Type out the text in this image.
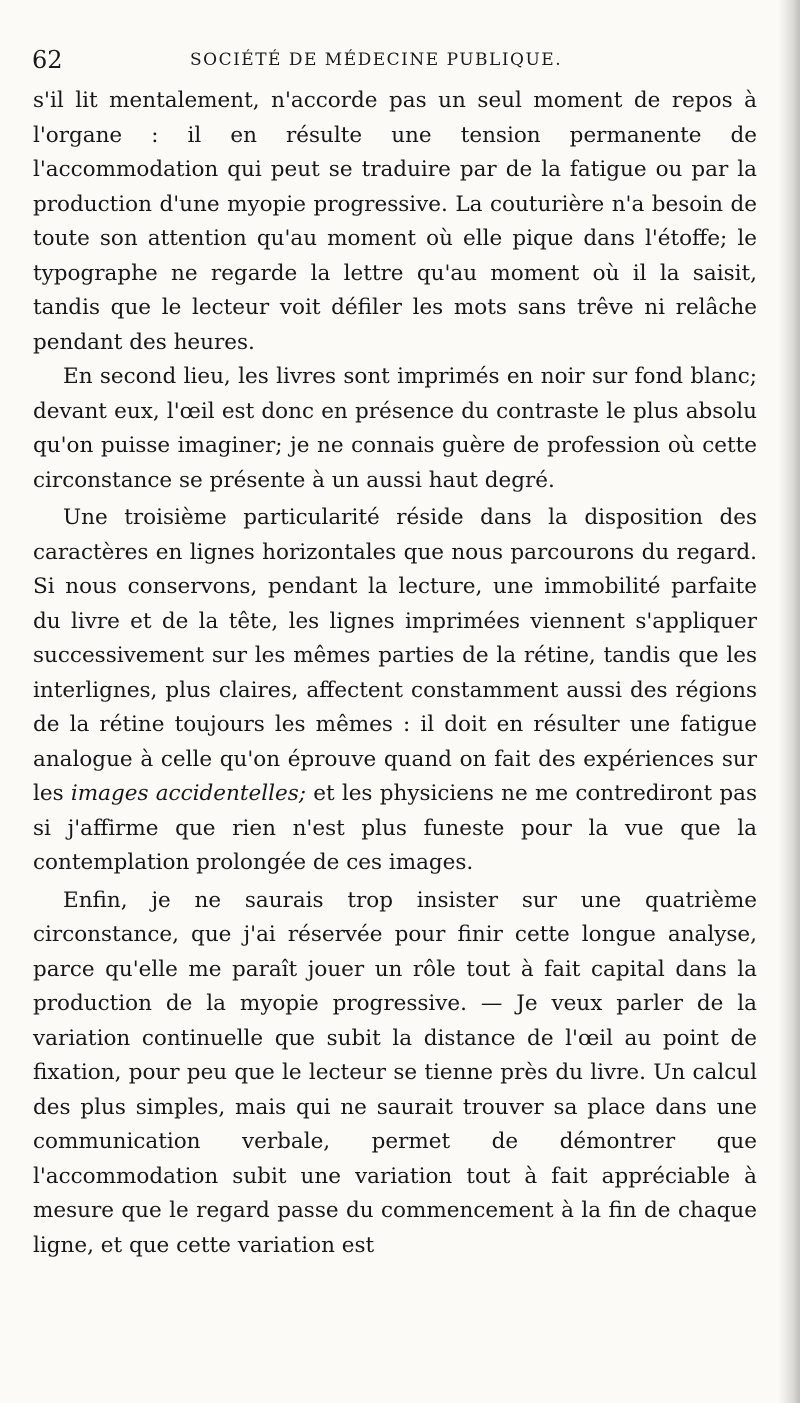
62	SOCIÉTÉ DE MÉDECINE PUBLIQUE.

s'il lit mentalement, n'accorde pas un seul moment de repos à l'organe : il en résulte une tension permanente de l'accommodation qui peut se traduire par de la fatigue ou par la production d'une myopie progressive. La couturière n'a besoin de toute son attention qu'au moment où elle pique dans l'étoffe; le typographe ne regarde la lettre qu'au moment où il la saisit, tandis que le lecteur voit défiler les mots sans trêve ni relâche pendant des heures.

En second lieu, les livres sont imprimés en noir sur fond blanc; devant eux, l'œil est donc en présence du contraste le plus absolu qu'on puisse imaginer; je ne connais guère de profession où cette circonstance se présente à un aussi haut degré.

Une troisième particularité réside dans la disposition des caractères en lignes horizontales que nous parcourons du regard. Si nous conservons, pendant la lecture, une immobilité parfaite du livre et de la tête, les lignes imprimées viennent s'appliquer successivement sur les mêmes parties de la rétine, tandis que les interlignes, plus claires, affectent constamment aussi des régions de la rétine toujours les mêmes : il doit en résulter une fatigue analogue à celle qu'on éprouve quand on fait des expériences sur les images accidentelles; et les physiciens ne me contrediront pas si j'affirme que rien n'est plus funeste pour la vue que la contemplation prolongée de ces images.

Enfin, je ne saurais trop insister sur une quatrième circonstance, que j'ai réservée pour finir cette longue analyse, parce qu'elle me paraît jouer un rôle tout à fait capital dans la production de la myopie progressive. — Je veux parler de la variation continuelle que subit la distance de l'œil au point de fixation, pour peu que le lecteur se tienne près du livre. Un calcul des plus simples, mais qui ne saurait trouver sa place dans une communication verbale, permet de démontrer que l'accommodation subit une variation tout à fait appréciable à mesure que le regard passe du commencement à la fin de chaque ligne, et que cette variation est
